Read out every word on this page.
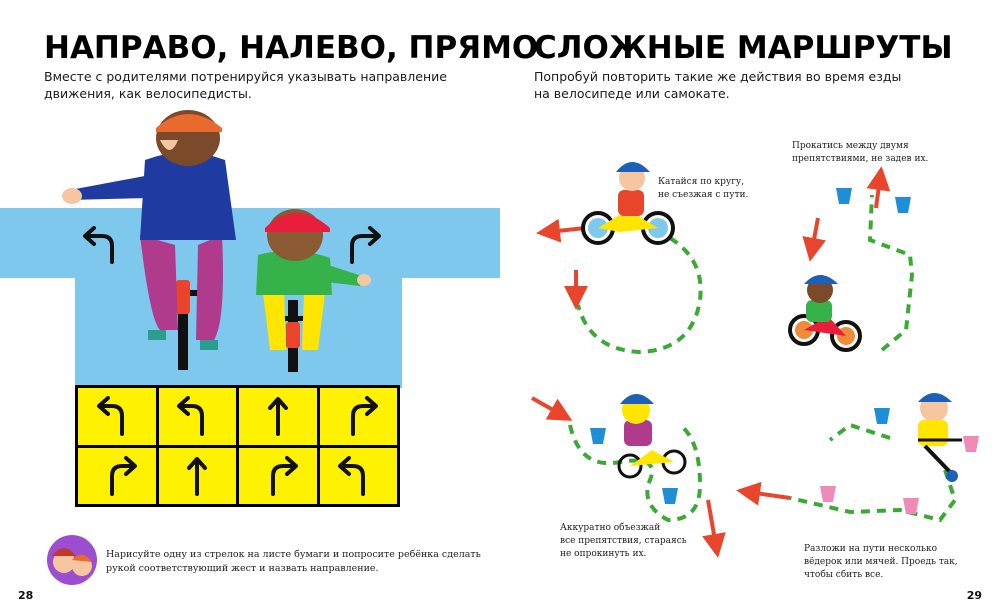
НАПРАВО, НАЛЕВО, ПРЯМО
Вместе с родителями потренируйся указывать направление движения, как велосипедисты.
Нарисуйте одну из стрелок на листе бумаги и попросите ребёнка сделать рукой соответствующий жест и назвать направление.
28
СЛОЖНЫЕ МАРШРУТЫ
Попробуй повторить такие же действия во время езды на велосипеде или самокате.
Катайся по кругу,
не съезжая с пути.
Прокатись между двумя
препятствиями, не задев их.
Аккуратно объезжай
все препятствия, стараясь
не опрокинуть их.	Разложи на пути несколько
вёдерок или мячей. Проедь так,
чтобы сбить все.
29
